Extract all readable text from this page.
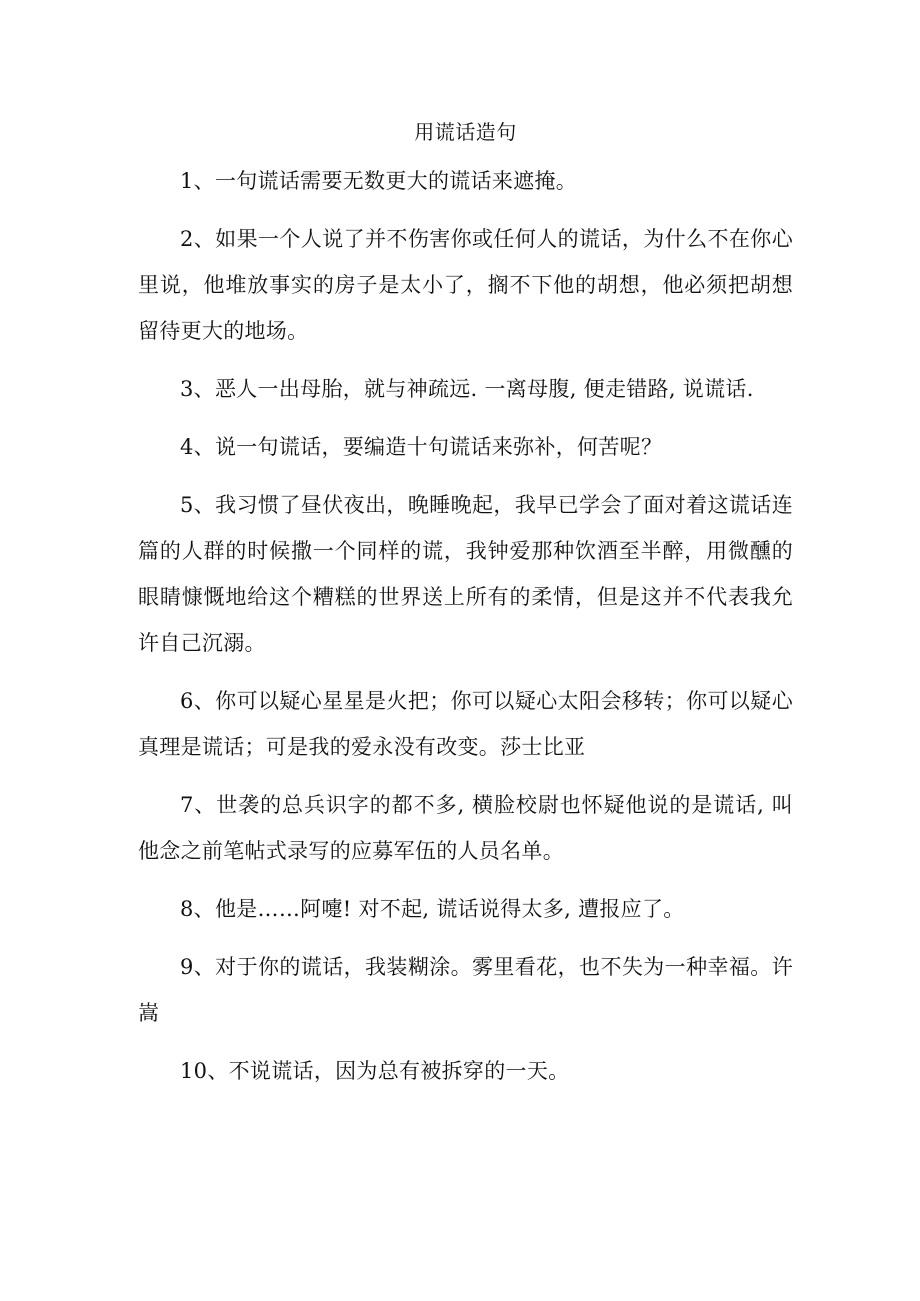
用谎话造句

1、一句谎话需要无数更大的谎话来遮掩。

2、如果一个人说了并不伤害你或任何人的谎话，为什么不在你心里说，他堆放事实的房子是太小了，搁不下他的胡想，他必须把胡想留待更大的地场。

3、恶人一出母胎，就与神疏远. 一离母腹, 便走错路, 说谎话.

4、说一句谎话，要编造十句谎话来弥补，何苦呢？

5、我习惯了昼伏夜出，晚睡晚起，我早已学会了面对着这谎话连篇的人群的时候撒一个同样的谎，我钟爱那种饮酒至半醉，用微醺的眼睛慷慨地给这个糟糕的世界送上所有的柔情，但是这并不代表我允许自己沉溺。

6、你可以疑心星星是火把；你可以疑心太阳会移转；你可以疑心真理是谎话；可是我的爱永没有改变。莎士比亚

7、世袭的总兵识字的都不多, 横脸校尉也怀疑他说的是谎话, 叫他念之前笔帖式录写的应募军伍的人员名单。

8、他是……阿嚏! 对不起, 谎话说得太多, 遭报应了。

9、对于你的谎话，我装糊涂。雾里看花，也不失为一种幸福。许嵩

10、不说谎话，因为总有被拆穿的一天。
